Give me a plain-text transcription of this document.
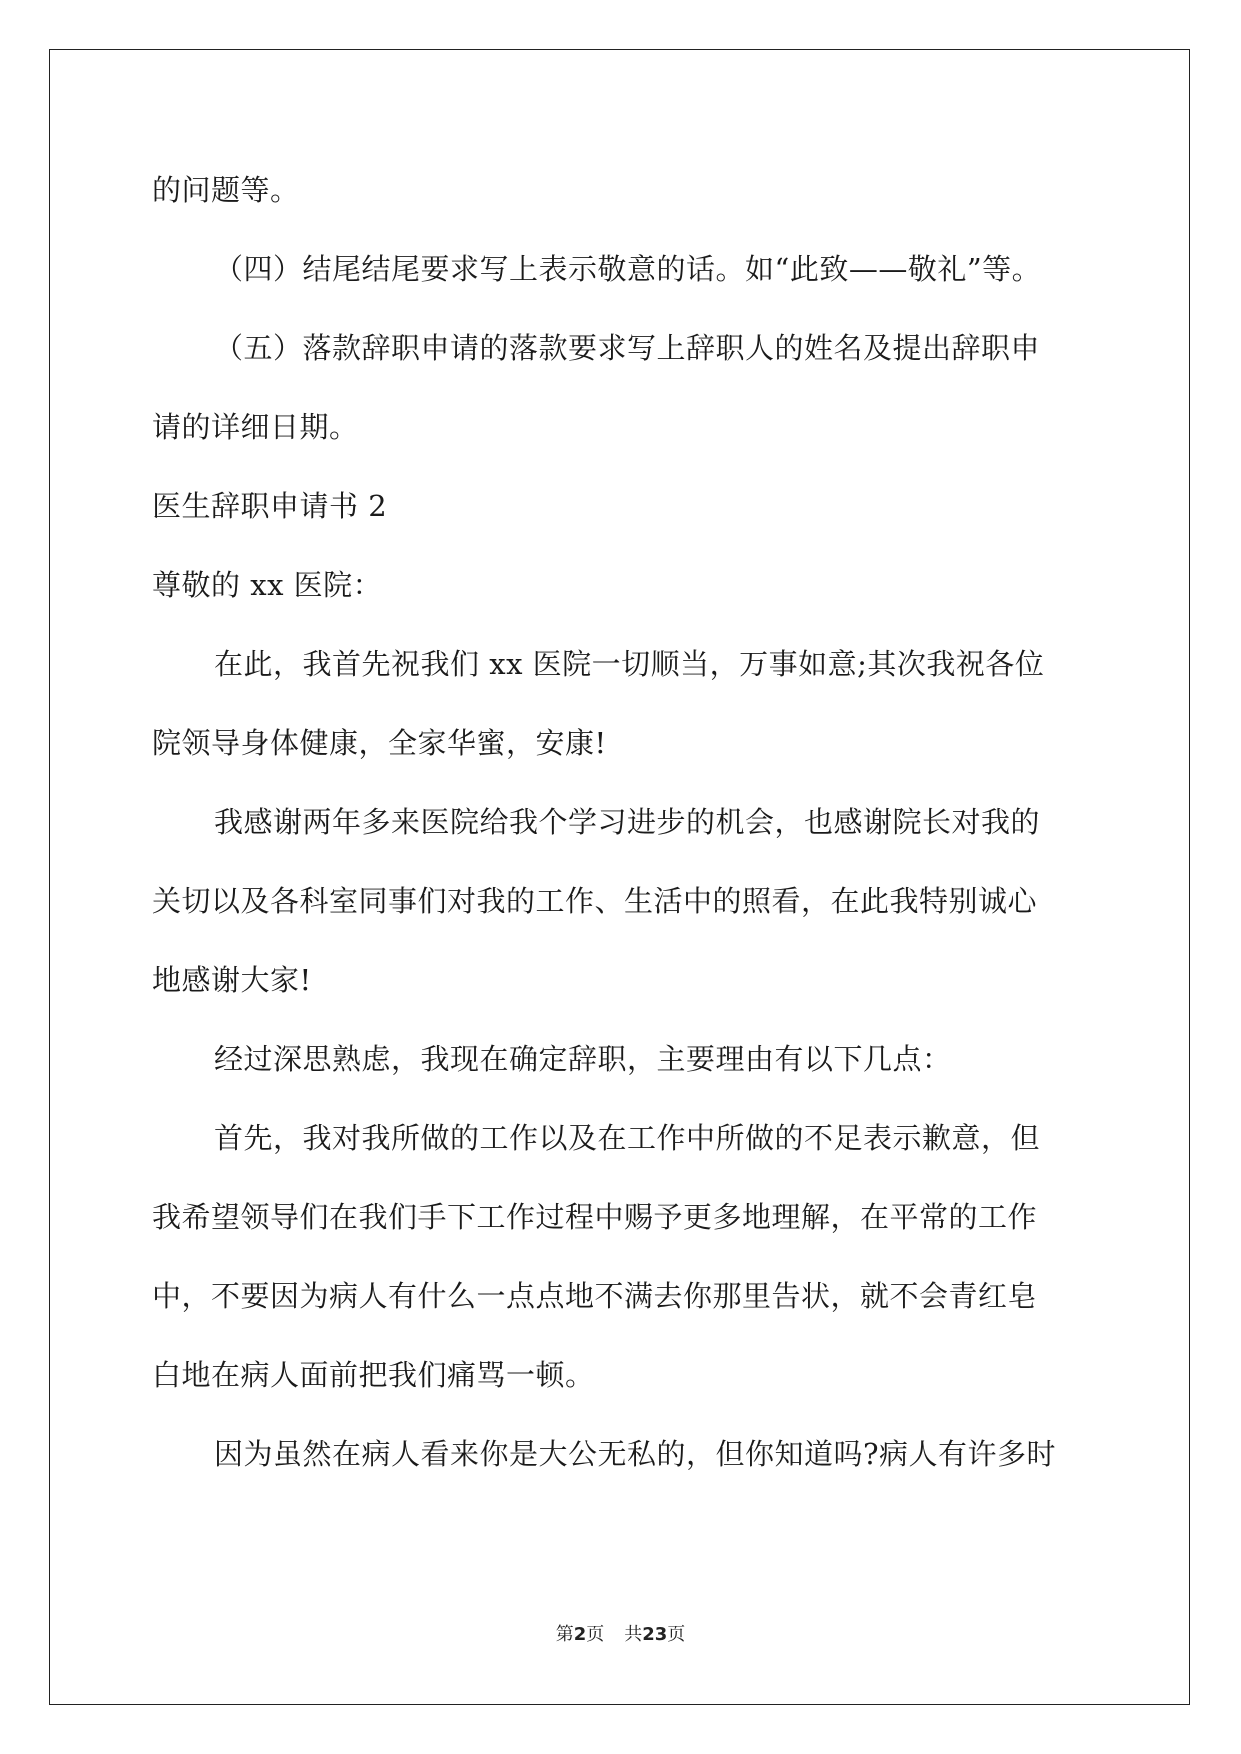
的问题等。
（四）结尾结尾要求写上表示敬意的话。如“此致——敬礼”等。
（五）落款辞职申请的落款要求写上辞职人的姓名及提出辞职申
请的详细日期。
医生辞职申请书 2
尊敬的 xx 医院：
在此，我首先祝我们 xx 医院一切顺当，万事如意;其次我祝各位
院领导身体健康，全家华蜜，安康!
我感谢两年多来医院给我个学习进步的机会，也感谢院长对我的
关切以及各科室同事们对我的工作、生活中的照看，在此我特别诚心
地感谢大家!
经过深思熟虑，我现在确定辞职，主要理由有以下几点：
首先，我对我所做的工作以及在工作中所做的不足表示歉意，但
我希望领导们在我们手下工作过程中赐予更多地理解，在平常的工作
中，不要因为病人有什么一点点地不满去你那里告状，就不会青红皂
白地在病人面前把我们痛骂一顿。
因为虽然在病人看来你是大公无私的，但你知道吗?病人有许多时
第2页 共23页
